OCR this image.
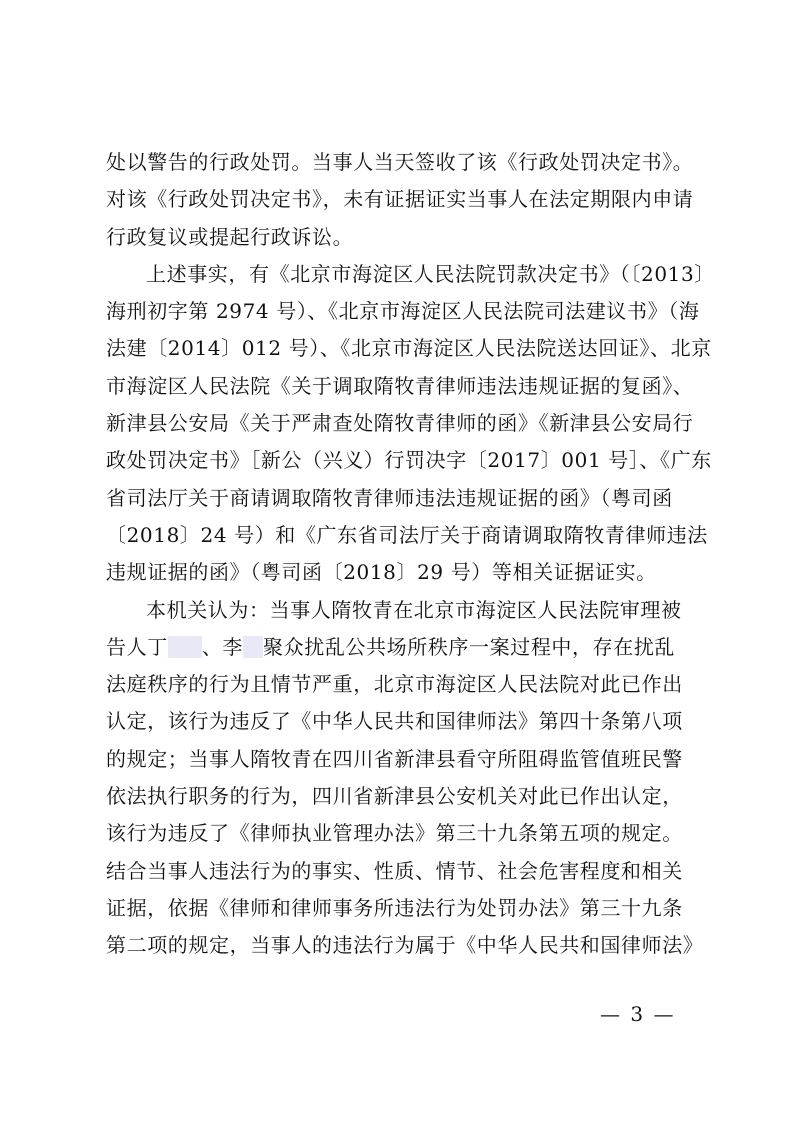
处以警告的行政处罚。当事人当天签收了该《行政处罚决定书》。
对该《行政处罚决定书》，未有证据证实当事人在法定期限内申请
行政复议或提起行政诉讼。
上述事实，有《北京市海淀区人民法院罚款决定书》（〔2013〕
海刑初字第 2974 号）、《北京市海淀区人民法院司法建议书》（海
法建〔2014〕012 号）、《北京市海淀区人民法院送达回证》、北京
市海淀区人民法院《关于调取隋牧青律师违法违规证据的复函》、
新津县公安局《关于严肃查处隋牧青律师的函》《新津县公安局行
政处罚决定书》［新公（兴义）行罚决字〔2017〕001 号］、《广东
省司法厅关于商请调取隋牧青律师违法违规证据的函》（粤司函
〔2018〕24 号）和《广东省司法厅关于商请调取隋牧青律师违法
违规证据的函》（粤司函〔2018〕29 号）等相关证据证实。
本机关认为：当事人隋牧青在北京市海淀区人民法院审理被
告人丁 、李 聚众扰乱公共场所秩序一案过程中，存在扰乱
法庭秩序的行为且情节严重，北京市海淀区人民法院对此已作出
认定，该行为违反了《中华人民共和国律师法》第四十条第八项
的规定；当事人隋牧青在四川省新津县看守所阻碍监管值班民警
依法执行职务的行为，四川省新津县公安机关对此已作出认定，
该行为违反了《律师执业管理办法》第三十九条第五项的规定。
结合当事人违法行为的事实、性质、情节、社会危害程度和相关
证据，依据《律师和律师事务所违法行为处罚办法》第三十九条
第二项的规定，当事人的违法行为属于《中华人民共和国律师法》
— 3 —
